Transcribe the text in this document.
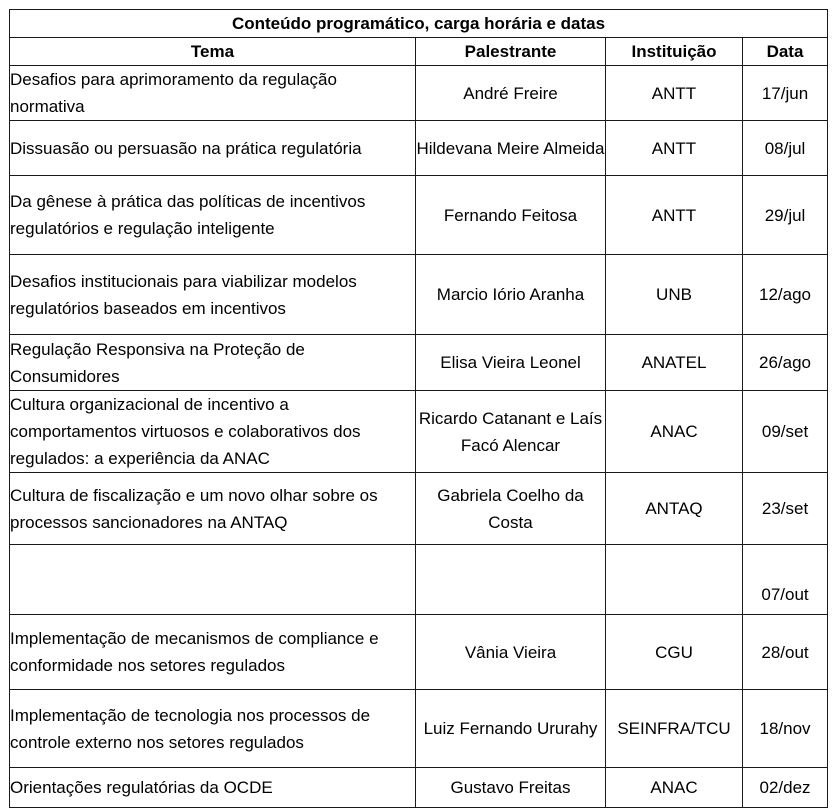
Conteúdo programático, carga horária e datas			
Tema	Palestrante	Instituição	Data
Desafios para aprimoramento da regulação normativa	André Freire	ANTT	17/jun
Dissuasão ou persuasão na prática regulatória	Hildevana Meire Almeida	ANTT	08/jul
Da gênese à prática das políticas de incentivos regulatórios e regulação inteligente	Fernando Feitosa	ANTT	29/jul
Desafios institucionais para viabilizar modelos regulatórios baseados em incentivos	Marcio Iório Aranha	UNB	12/ago
Regulação Responsiva na Proteção de Consumidores	Elisa Vieira Leonel	ANATEL	26/ago
Cultura organizacional de incentivo a comportamentos virtuosos e colaborativos dos regulados: a experiência da ANAC	Ricardo Catanant e Laís Facó Alencar	ANAC	09/set
Cultura de fiscalização e um novo olhar sobre os processos sancionadores na ANTAQ	Gabriela Coelho da Costa	ANTAQ	23/set
			07/out
Implementação de mecanismos de compliance e conformidade nos setores regulados	Vânia Vieira	CGU	28/out
Implementação de tecnologia nos processos de controle externo nos setores regulados	Luiz Fernando Ururahy	SEINFRA/TCU	18/nov
Orientações regulatórias da OCDE	Gustavo Freitas	ANAC	02/dez
